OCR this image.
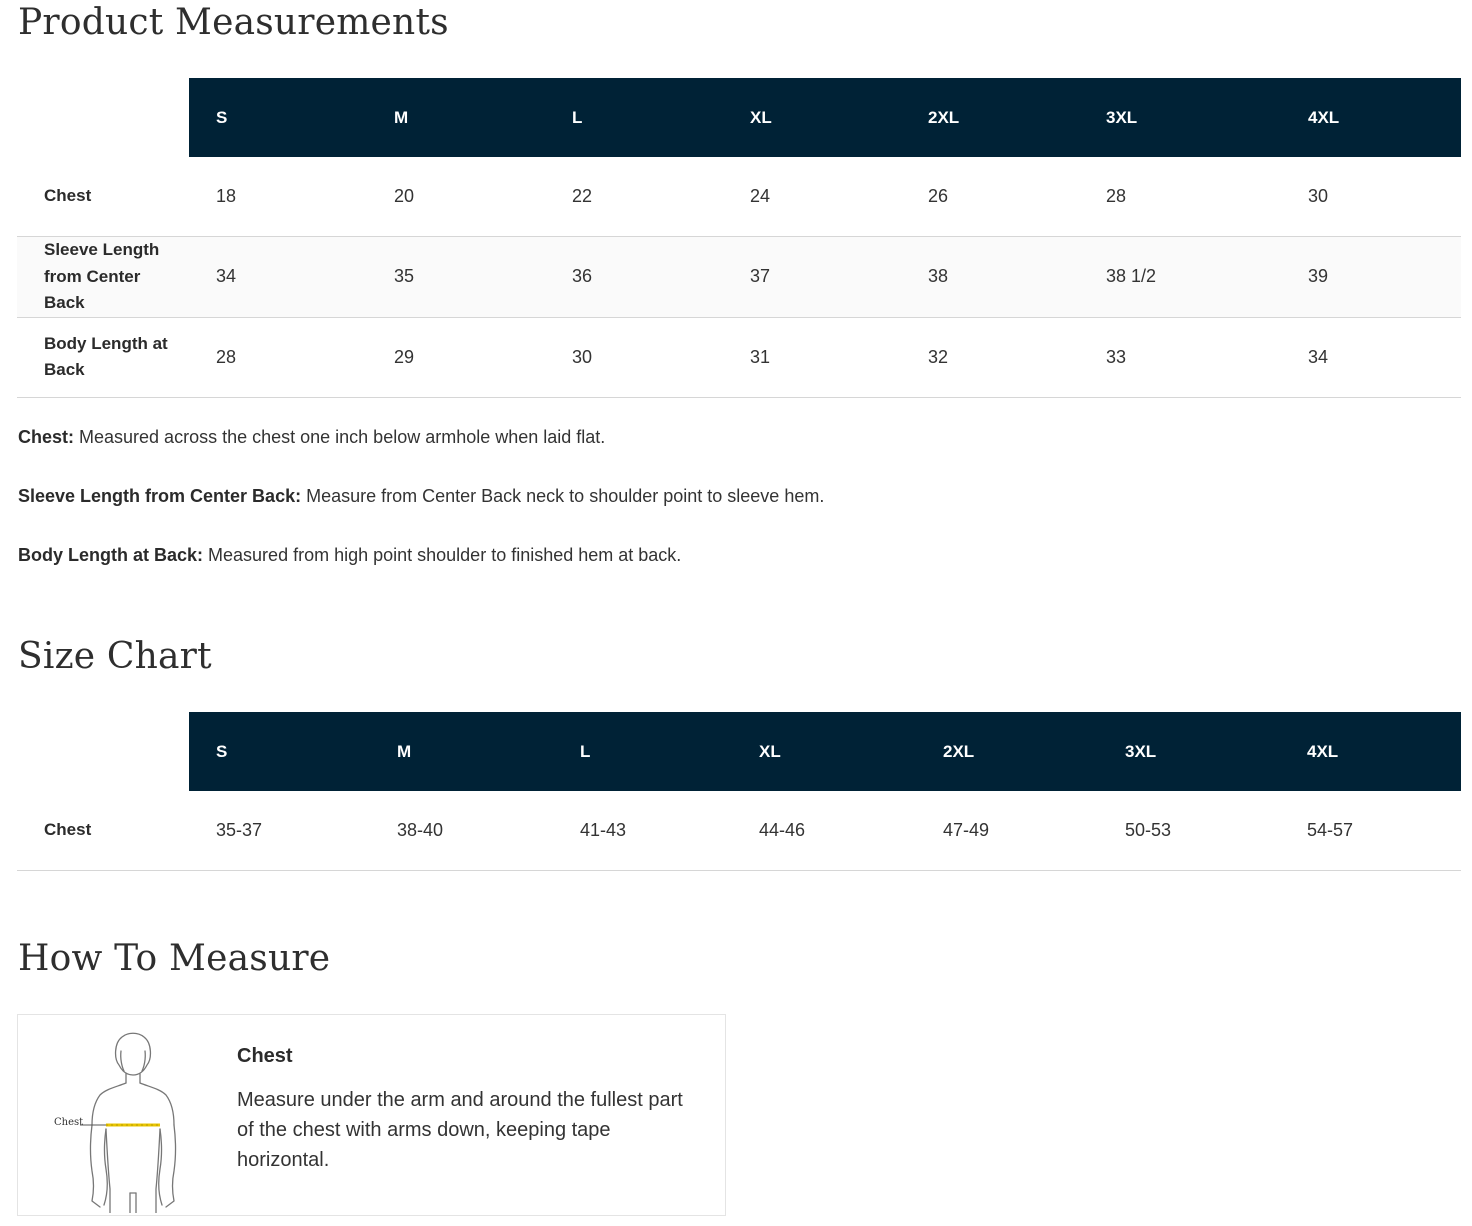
Product Measurements
	S	M	L	XL	2XL	3XL	4XL
Chest	18	20	22	24	26	28	30
Sleeve Length from Center Back	34	35	36	37	38	38 1/2	39
Body Length at Back	28	29	30	31	32	33	34

Chest: Measured across the chest one inch below armhole when laid flat.

Sleeve Length from Center Back: Measure from Center Back neck to shoulder point to sleeve hem.

Body Length at Back: Measured from high point shoulder to finished hem at back.

Size Chart
	S	M	L	XL	2XL	3XL	4XL
Chest	35-37	38-40	41-43	44-46	47-49	50-53	54-57
How To Measure
Chest
Chest
Measure under the arm and around the fullest part of the chest with arms down, keeping tape horizontal.
